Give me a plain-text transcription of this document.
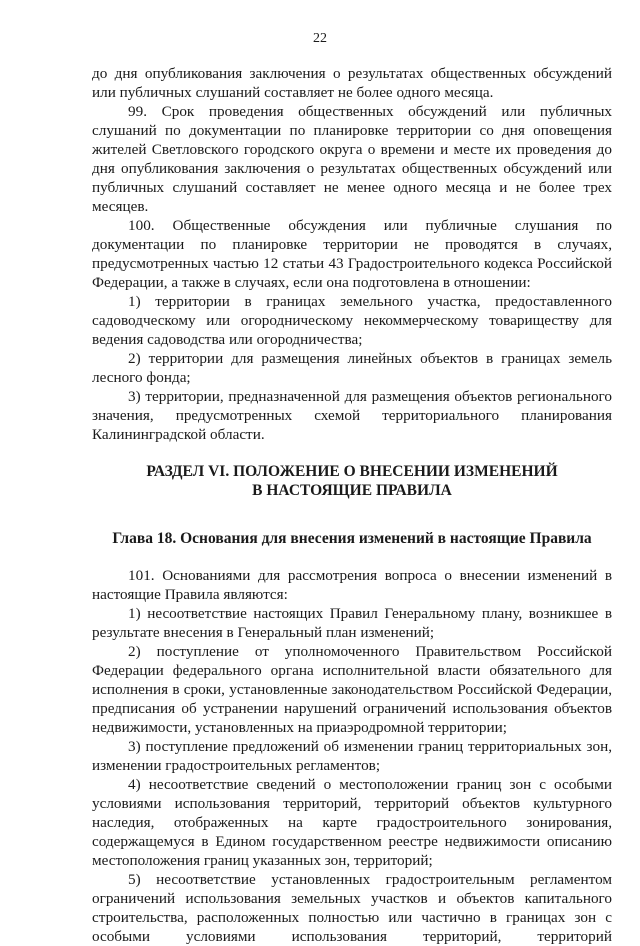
22

до дня опубликования заключения о результатах общественных обсуждений или публичных слушаний составляет не более одного месяца.

99. Срок проведения общественных обсуждений или публичных слушаний по документации по планировке территории со дня оповещения жителей Светловского городского округа о времени и месте их проведения до дня опубликования заключения о результатах общественных обсуждений или публичных слушаний составляет не менее одного месяца и не более трех месяцев.

100. Общественные обсуждения или публичные слушания по документации по планировке территории не проводятся в случаях, предусмотренных частью 12 статьи 43 Градостроительного кодекса Российской Федерации, а также в случаях, если она подготовлена в отношении:

1) территории в границах земельного участка, предоставленного садоводческому или огородническому некоммерческому товариществу для ведения садоводства или огородничества;

2) территории для размещения линейных объектов в границах земель лесного фонда;

3) территории, предназначенной для размещения объектов регионального значения, предусмотренных схемой территориального планирования Калининградской области.

РАЗДЕЛ VI. ПОЛОЖЕНИЕ О ВНЕСЕНИИ ИЗМЕНЕНИЙ
В НАСТОЯЩИЕ ПРАВИЛА
Глава 18. Основания для внесения изменений в настоящие Правила

101. Основаниями для рассмотрения вопроса о внесении изменений в настоящие Правила являются:

1) несоответствие настоящих Правил Генеральному плану, возникшее в результате внесения в Генеральный план изменений;

2) поступление от уполномоченного Правительством Российской Федерации федерального органа исполнительной власти обязательного для исполнения в сроки, установленные законодательством Российской Федерации, предписания об устранении нарушений ограничений использования объектов недвижимости, установленных на приаэродромной территории;

3) поступление предложений об изменении границ территориальных зон, изменении градостроительных регламентов;

4) несоответствие сведений о местоположении границ зон с особыми условиями использования территорий, территорий объектов культурного наследия, отображенных на карте градостроительного зонирования, содержащемуся в Едином государственном реестре недвижимости описанию местоположения границ указанных зон, территорий;

5) несоответствие установленных градостроительным регламентом ограничений использования земельных участков и объектов капитального строительства, расположенных полностью или частично в границах зон с особыми условиями использования территорий, территорий
